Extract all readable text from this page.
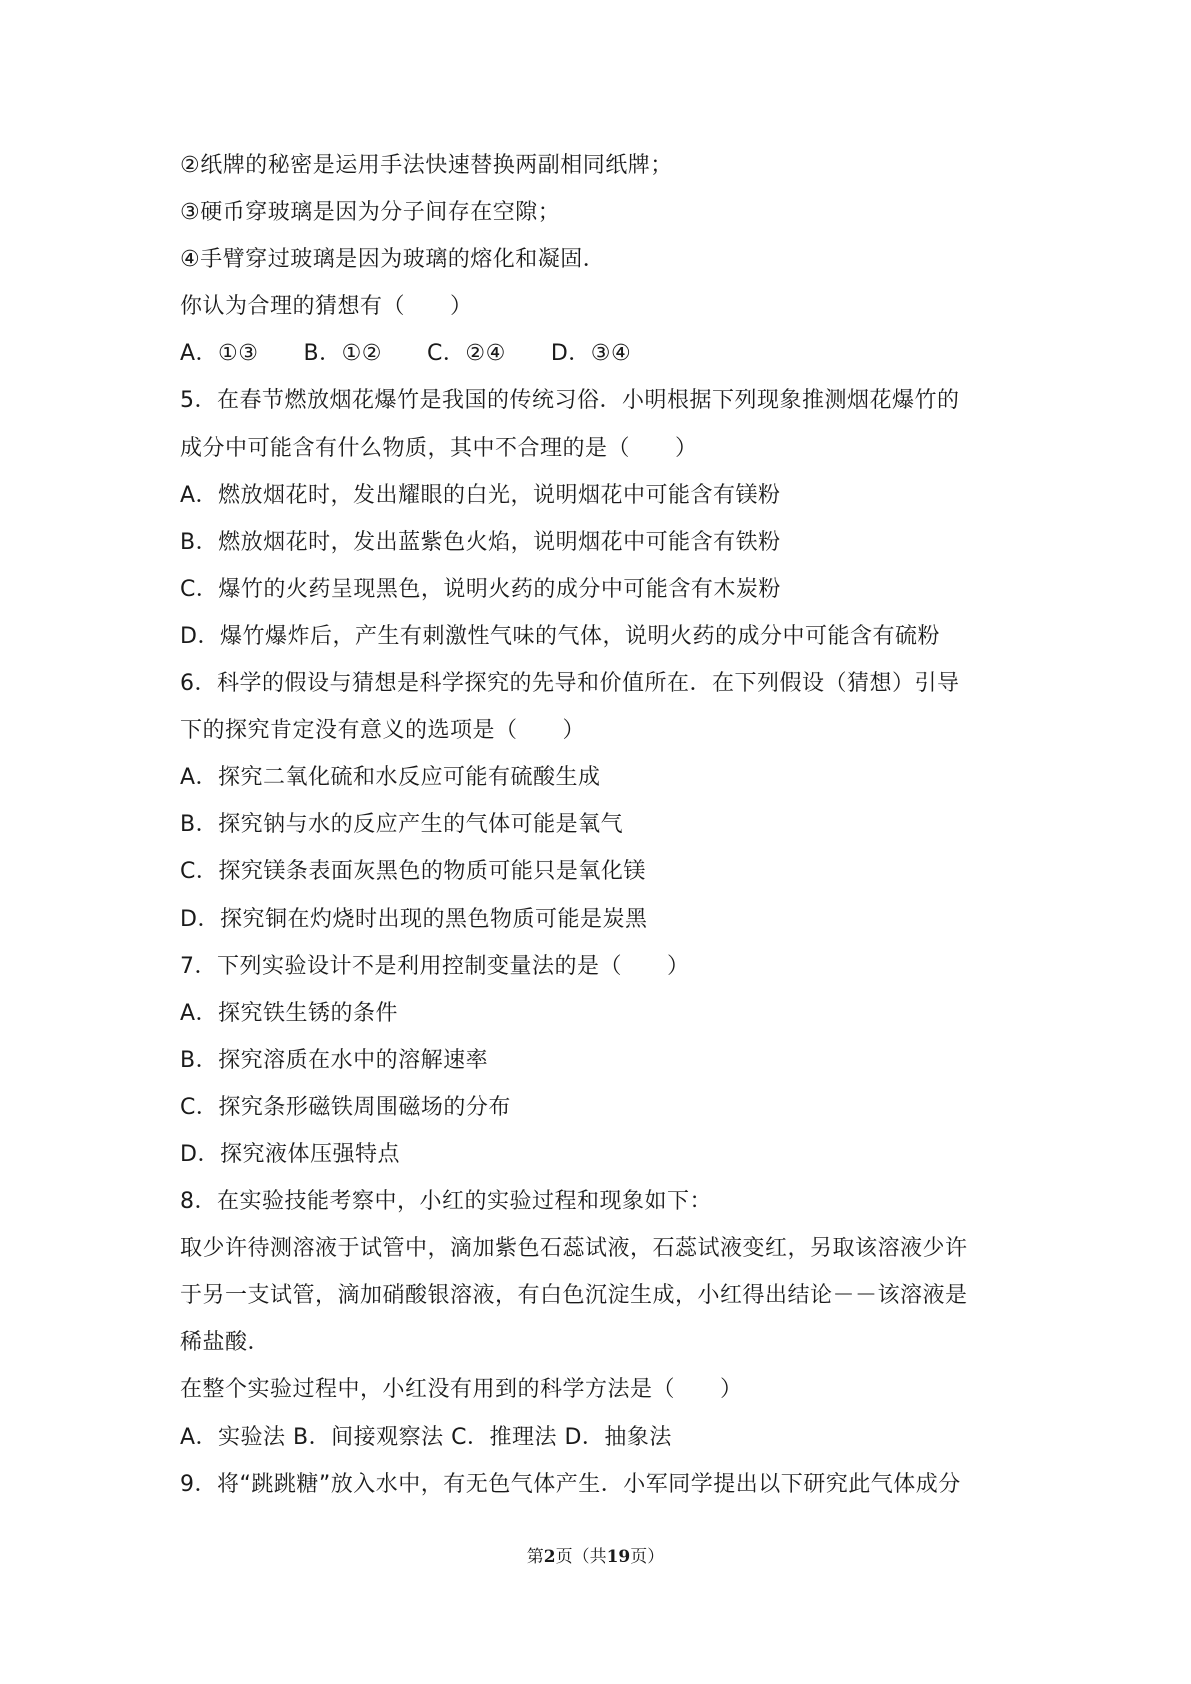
②纸牌的秘密是运用手法快速替换两副相同纸牌；
③硬币穿玻璃是因为分子间存在空隙；
④手臂穿过玻璃是因为玻璃的熔化和凝固．
你认为合理的猜想有（　　）
A．①③　　B．①②　　C．②④　　D．③④
5．在春节燃放烟花爆竹是我国的传统习俗．小明根据下列现象推测烟花爆竹的
成分中可能含有什么物质，其中不合理的是（　　）
A．燃放烟花时，发出耀眼的白光，说明烟花中可能含有镁粉
B．燃放烟花时，发出蓝紫色火焰，说明烟花中可能含有铁粉
C．爆竹的火药呈现黑色，说明火药的成分中可能含有木炭粉
D．爆竹爆炸后，产生有刺激性气味的气体，说明火药的成分中可能含有硫粉
6．科学的假设与猜想是科学探究的先导和价值所在．在下列假设（猜想）引导
下的探究肯定没有意义的选项是（　　）
A．探究二氧化硫和水反应可能有硫酸生成
B．探究钠与水的反应产生的气体可能是氧气
C．探究镁条表面灰黑色的物质可能只是氧化镁
D．探究铜在灼烧时出现的黑色物质可能是炭黑
7．下列实验设计不是利用控制变量法的是（　　）
A．探究铁生锈的条件
B．探究溶质在水中的溶解速率
C．探究条形磁铁周围磁场的分布
D．探究液体压强特点
8．在实验技能考察中，小红的实验过程和现象如下：
取少许待测溶液于试管中，滴加紫色石蕊试液，石蕊试液变红，另取该溶液少许
于另一支试管，滴加硝酸银溶液，有白色沉淀生成，小红得出结论－－该溶液是
稀盐酸．
在整个实验过程中，小红没有用到的科学方法是（　　）
A．实验法 B．间接观察法 C．推理法 D．抽象法
9．将“跳跳糖”放入水中，有无色气体产生．小军同学提出以下研究此气体成分
第2页（共19页）
